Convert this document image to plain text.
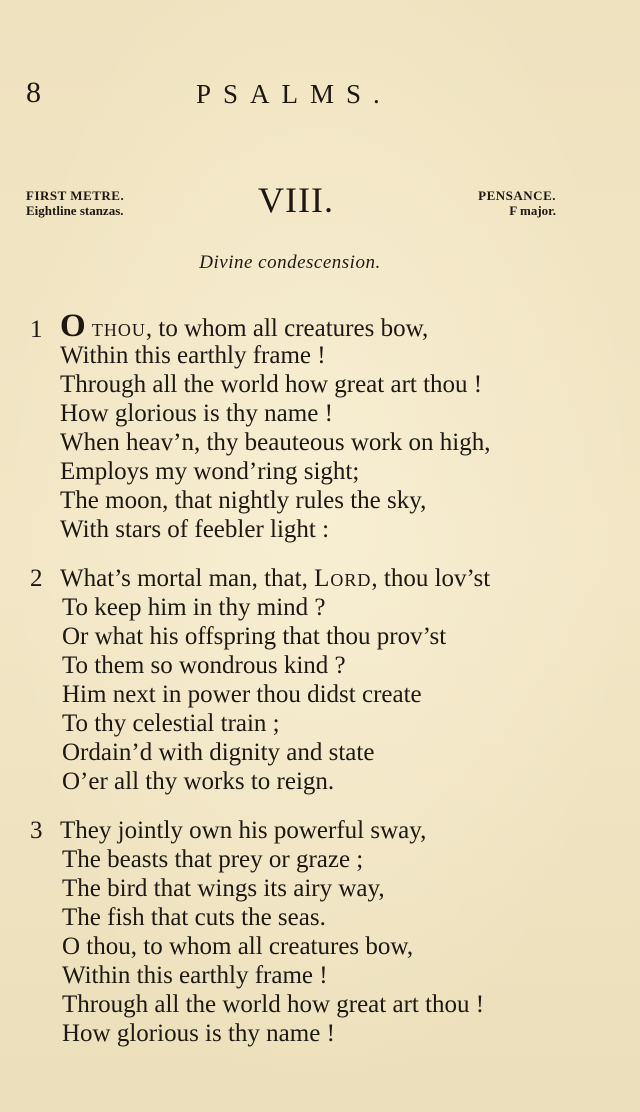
8	PSALMS.
FIRST METRE.
Eightline stanzas.	VIII.	PENSANCE.
F major.
Divine condescension.
1 O thou, to whom all creatures bow,
Within this earthly frame !
Through all the world how great art thou !
How glorious is thy name !
When heav’n, thy beauteous work on high,
Employs my wond’ring sight;
The moon, that nightly rules the sky,
With stars of feebler light :
2 What’s mortal man, that, Lord, thou lov’st
To keep him in thy mind ?
Or what his offspring that thou prov’st
To them so wondrous kind ?
Him next in power thou didst create
To thy celestial train ;
Ordain’d with dignity and state
O’er all thy works to reign.
3 They jointly own his powerful sway,
The beasts that prey or graze ;
The bird that wings its airy way,
The fish that cuts the seas.
O thou, to whom all creatures bow,
Within this earthly frame !
Through all the world how great art thou !
How glorious is thy name !
